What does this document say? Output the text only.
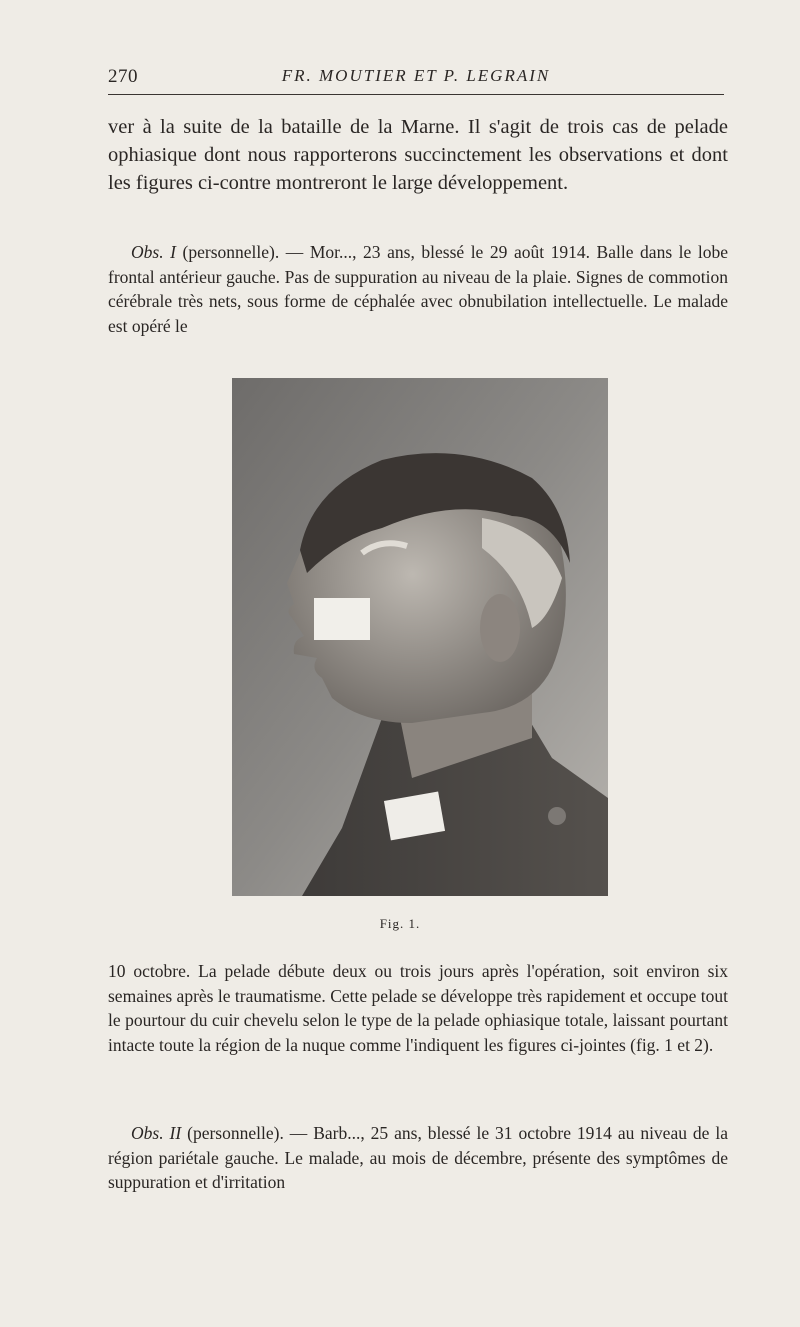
270	FR. MOUTIER ET P. LEGRAIN

ver à la suite de la bataille de la Marne. Il s'agit de trois cas de pelade ophiasique dont nous rapporterons succinctement les observations et dont les figures ci-contre montreront le large développement.

Obs. I (personnelle). — Mor..., 23 ans, blessé le 29 août 1914. Balle dans le lobe frontal antérieur gauche. Pas de suppuration au niveau de la plaie. Signes de commotion cérébrale très nets, sous forme de céphalée avec obnubilation intellectuelle. Le malade est opéré le

Fig. 1.

10 octobre. La pelade débute deux ou trois jours après l'opération, soit environ six semaines après le traumatisme. Cette pelade se développe très rapidement et occupe tout le pourtour du cuir chevelu selon le type de la pelade ophiasique totale, laissant pourtant intacte toute la région de la nuque comme l'indiquent les figures ci-jointes (fig. 1 et 2).

Obs. II (personnelle). — Barb..., 25 ans, blessé le 31 octobre 1914 au niveau de la région pariétale gauche. Le malade, au mois de décembre, présente des symptômes de suppuration et d'irritation
